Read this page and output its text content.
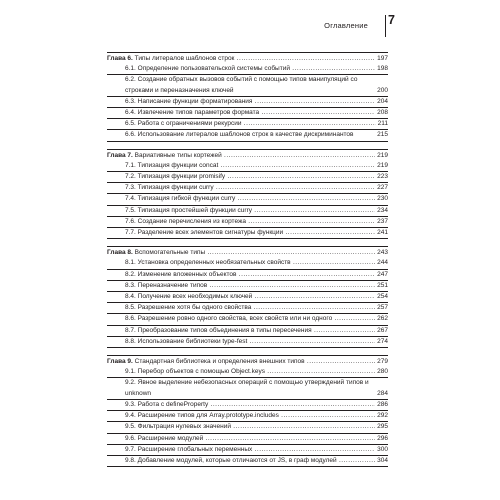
Оглавление 7
Глава 6. Типы литералов шаблонов строк .....	197
6.1. Определение пользовательской системы событий .....	198
6.2. Создание обратных вызовов событий с помощью типов манипуляций со строками и переназначения ключей	200
6.3. Написание функции форматирования .....	204
6.4. Извлечение типов параметров формата .....	208
6.5. Работа с ограничениями рекурсии .....	211
6.6. Использование литералов шаблонов строк в качестве дискриминантов	215
Глава 7. Вариативные типы кортежей .....	219
7.1. Типизация функции concat .....	219
7.2. Типизация функции promisify .....	223
7.3. Типизация функции curry .....	227
7.4. Типизация гибкой функции curry .....	230
7.5. Типизация простейшей функции curry .....	234
7.6. Создание перечисления из кортежа .....	237
7.7. Разделение всех элементов сигнатуры функции .....	241
Глава 8. Вспомогательные типы .....	243
8.1. Установка определенных необязательных свойств .....	244
8.2. Изменение вложенных объектов .....	247
8.3. Переназначение типов .....	251
8.4. Получение всех необходимых ключей .....	254
8.5. Разрешение хотя бы одного свойства .....	257
8.6. Разрешение ровно одного свойства, всех свойств или ни одного .....	262
8.7. Преобразование типов объединения в типы пересечения .....	267
8.8. Использование библиотеки type-fest .....	274
Глава 9. Стандартная библиотека и определения внешних типов .....	279
9.1. Перебор объектов с помощью Object.keys .....	280
9.2. Явное выделение небезопасных операций с помощью утверждений типов и unknown	284
9.3. Работа с defineProperty .....	286
9.4. Расширение типов для Array.prototype.includes .....	292
9.5. Фильтрация нулевых значений .....	295
9.6. Расширение модулей .....	296
9.7. Расширение глобальных переменных .....	300
9.8. Добавление модулей, которые отличаются от JS, в граф модулей .....	304
